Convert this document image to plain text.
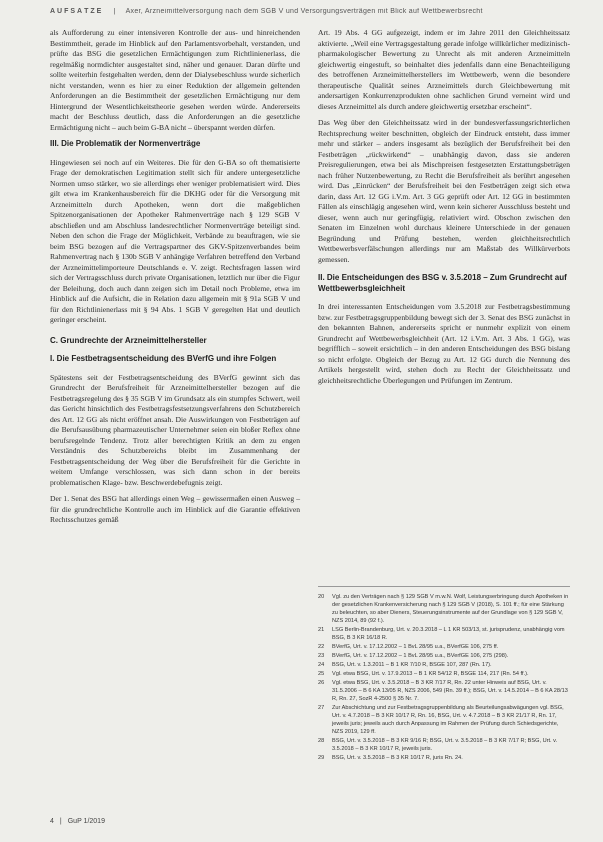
AUFSÄTZE | Axer, Arzneimittelversorgung nach dem SGB V und Versorgungsverträgen mit Blick auf Wettbewerbsrecht

als Aufforderung zu einer intensiveren Kontrolle der aus- und hinreichenden Bestimmtheit, gerade im Hinblick auf den Parlamentsvorbehalt, verstanden, und prüfte das BSG die gesetzlichen Ermächtigungen zum Richtlinienerlass, die regelmäßig normdichter ausgestaltet sind, näher und genauer. Daran dürfte und sollte weiterhin festgehalten werden, denn der Dialysebeschluss wurde sicherlich nicht verstanden, wenn es hier zu einer Reduktion der allgemein geltenden Anforderungen an die Bestimmtheit der gesetzlichen Ermächtigung nur dem Hintergrund der Wesentlichkeitstheorie gesehen werden würde. Andererseits macht der Beschluss deutlich, dass die Anforderungen an die gesetzliche Ermächtigung nicht – auch beim G-BA nicht – überspannt werden dürfen.

III. Die Problematik der Normenverträge

Hingewiesen sei noch auf ein Weiteres. Die für den G-BA so oft thematisierte Frage der demokratischen Legitimation stellt sich für andere untergesetzliche Normen umso stärker, wo sie allerdings eher weniger problematisiert wird. Dies gilt etwa im Krankenhausbereich für die DKHG oder für die Versorgung mit Arzneimitteln durch Apotheken, wenn dort die maßgeblichen Spitzenorganisationen der Apotheker Rahmenverträge nach § 129 SGB V abschließen und am Abschluss landesrechtlicher Normenverträge beteiligt sind. Neben den schon die Frage der Möglichkeit, Verbände zu beauftragen, wie sie beim BSG bezogen auf die Vertragspartner des GKV-Spitzenverbandes beim Rahmenvertrag nach § 130b SGB V anhängige Verfahren betreffend den Verband der Arzneimittelimporteure Deutschlands e. V. zeigt. Rechtsfragen lassen wird sich der Vertragsschluss durch private Organisationen, letztlich nur über die Figur der Beleihung, doch auch dann zeigen sich im Detail noch Probleme, etwa im Hinblick auf die Aufsicht, die in Relation dazu allgemein mit § 91a SGB V und für den Richtlinienerlass mit § 94 Abs. 1 SGB V geregelten Hat und deutlich geringer erscheint.

C. Grundrechte der Arzneimittelhersteller
I. Die Festbetragsentscheidung des BVerfG und ihre Folgen

Spätestens seit der Festbetragsentscheidung des BVerfG gewinnt sich das Grundrecht der Berufsfreiheit für Arzneimittelhersteller bezogen auf die Festbetragsregelung des § 35 SGB V im Grundsatz als ein stumpfes Schwert, weil das Gericht hinsichtlich des Festbetragsfestsetzungsverfahrens den Schutzbereich des Art. 12 GG als nicht eröffnet ansah. Die Auswirkungen von Festbeträgen auf die Berufsausübung pharmazeutischer Unternehmer seien ein bloßer Reflex ohne berufsregelnde Tendenz. Trotz aller berechtigten Kritik an dem zu engen Verständnis des Schutzbereichs bleibt im Zusammenhang der Festbetragsentscheidung der Weg über die Berufsfreiheit für die Gerichte in weitem Umfange verschlossen, was sich dann schon in der bereits problematischen Klage- bzw. Beschwerdebefugnis zeigt.

Der 1. Senat des BSG hat allerdings einen Weg – gewissermaßen einen Ausweg – für die grundrechtliche Kontrolle auch im Hinblick auf die Garantie effektiven Rechtsschutzes gemäß

Art. 19 Abs. 4 GG aufgezeigt, indem er im Jahre 2011 den Gleichheitssatz aktivierte. „Weil eine Vertragsgestaltung gerade infolge willkürlicher medizinisch-pharmakologischer Bewertung zu Unrecht als mit anderen Arzneimitteln gleichwertig eingestuft, so beinhaltet dies jedenfalls dann eine Benachteiligung des betroffenen Arzneimittelherstellers im Wettbewerb, wenn die besondere therapeutische Qualität seines Arzneimittels durch Gleichbewertung mit andersartigen Konkurrenzprodukten ohne sachlichen Grund verneint wird und dieses Arzneimittel als durch andere gleichwertig ersetzbar erscheint“.

Das Weg über den Gleichheitssatz wird in der bundesverfassungsrichterlichen Rechtsprechung weiter beschnitten, obgleich der Eindruck entsteht, dass immer mehr und stärker – anders insgesamt als bezüglich der Berufsfreiheit bei den Festbeträgen „rückwirkend“ – unabhängig davon, dass sie anderen Preisregulierungen, etwa bei als Mischpreisen festgesetzten Erstattungsbeträgen nach früher Nutzenbewertung, zu Recht die Berufsfreiheit als berührt angesehen wird. Das „Einrücken“ der Berufsfreiheit bei den Festbeträgen zeigt sich etwa darin, dass Art. 12 GG i.V.m. Art. 3 GG geprüft oder Art. 12 GG in bestimmten Fällen als einschlägig angesehen wird, wenn kein sicherer Ausschluss besteht und dieser, wenn auch nur geringfügig, relativiert wird. Obschon zwischen den Senaten im Einzelnen wohl durchaus kleinere Unterschiede in der genauen Begründung und Prüfung bestehen, werden gleichheitsrechtlich Wettbewerbsverfälschungen allerdings nur am Maßstab des Willkürverbots gemessen.

II. Die Entscheidungen des BSG v. 3.5.2018 – Zum Grundrecht auf Wettbewerbsgleichheit

In drei interessanten Entscheidungen vom 3.5.2018 zur Festbetragsbestimmung bzw. zur Festbetragsgruppenbildung bewegt sich der 3. Senat des BSG zunächst in den bekannten Bahnen, andererseits spricht er nunmehr explizit von einem Grundrecht auf Wettbewerbsgleichheit (Art. 12 i.V.m. Art. 3 Abs. 1 GG), was begrifflich – soweit ersichtlich – in den anderen Entscheidungen des BSG bislang so nicht erfolgte. Obgleich der Bezug zu Art. 12 GG durch die Nennung des Artikels hergestellt wird, stehen doch zu Recht der Gleichheitssatz und gleichheitsrechtliche Überlegungen und Prüfungen im Zentrum.

20	Vgl. zu den Verträgen nach § 129 SGB V m.w.N. Wolf, Leistungserbringung durch Apotheken in der gesetzlichen Krankenversicherung nach § 129 SGB V (2018), S. 101 ff.; für eine Stärkung zu beleuchten, so aber Dieners, Steuerungsinstrumente auf der Grundlage von § 129 SGB V, NZS 2014, 89 (92 f.).
21	LSG Berlin-Brandenburg, Urt. v. 20.3.2018 – L 1 KR 503/13, st. jurisprudenz, unabhängig vom BSG, B 3 KR 16/18 R.
22	BVerfG, Urt. v. 17.12.2002 – 1 BvL 28/95 u.a., BVerfGE 106, 275 ff.
23	BVerfG, Urt. v. 17.12.2002 – 1 BvL 28/95 u.a., BVerfGE 106, 275 (298).
24	BSG, Urt. v. 1.3.2011 – B 1 KR 7/10 R, BSGE 107, 287 (Rn. 17).
25	Vgl. etwa BSG, Urt. v. 17.9.2013 – B 1 KR 54/12 R, BSGE 114, 217 (Rn. 54 ff.).
26	Vgl. etwa BSG, Urt. v. 3.5.2018 – B 3 KR 7/17 R, Rn. 22 unter Hinweis auf BSG, Urt. v. 31.5.2006 – B 6 KA 13/05 R, NZS 2006, 549 (Rn. 39 ff.); BSG, Urt. v. 14.5.2014 – B 6 KA 28/13 R, Rn. 27, SozR 4-2500 § 35 Nr. 7.
27	Zur Abschichtung und zur Festbetragsgruppenbildung als Beurteilungsabwägungen vgl. BSG, Urt. v. 4.7.2018 – B 3 KR 10/17 R, Rn. 16, BSG, Urt. v. 4.7.2018 – B 3 KR 21/17 R, Rn. 17, jeweils juris; jeweils auch durch Anpassung im Rahmen der Prüfung durch Schiedsgerichte, NZS 2019, 129 ff.
28	BSG, Urt. v. 3.5.2018 – B 3 KR 9/16 R; BSG, Urt. v. 3.5.2018 – B 3 KR 7/17 R; BSG, Urt. v. 3.5.2018 – B 3 KR 10/17 R, jeweils juris.
29	BSG, Urt. v. 3.5.2018 – B 3 KR 10/17 R, juris Rn. 24.
4 | GuP 1/2019
